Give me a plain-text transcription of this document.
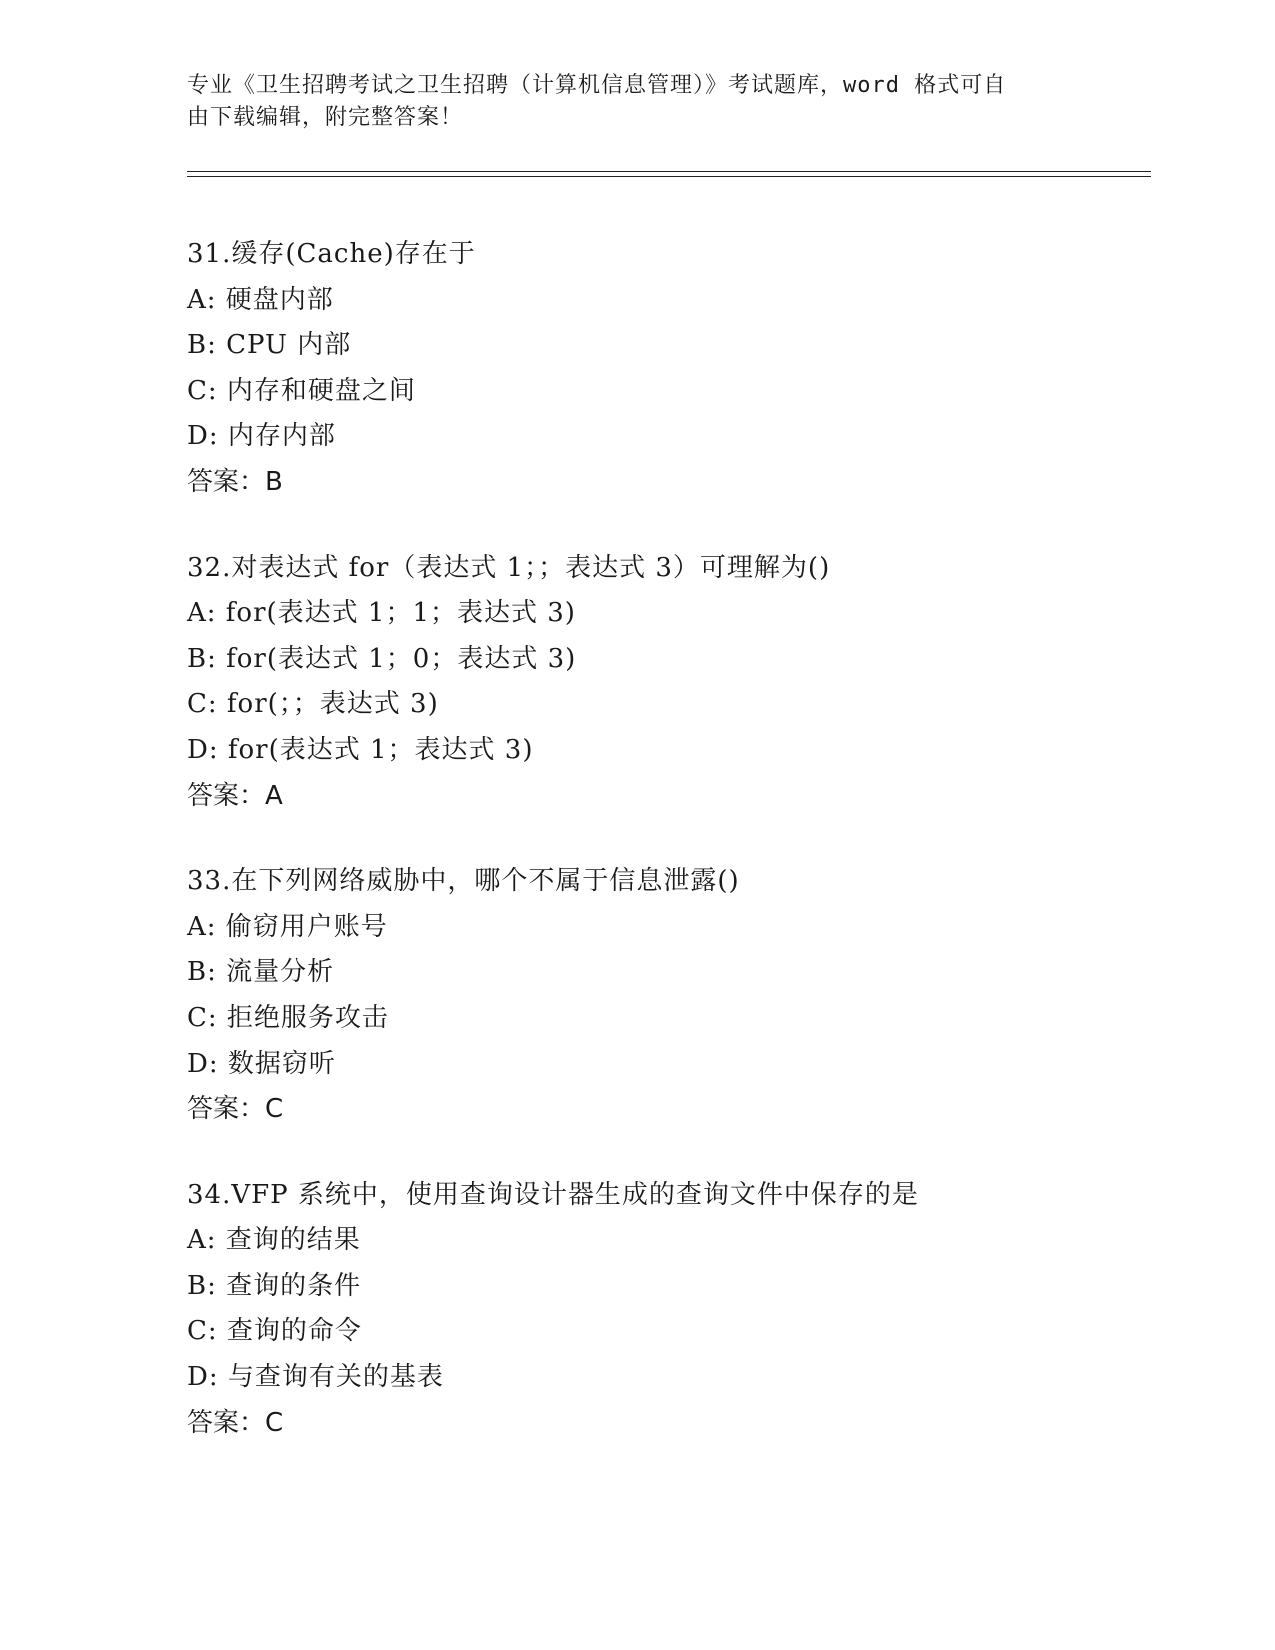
专业《卫生招聘考试之卫生招聘（计算机信息管理）》考试题库，word 格式可自
由下载编辑，附完整答案！
31.缓存(Cache)存在于
A: 硬盘内部
B: CPU 内部
C: 内存和硬盘之间
D: 内存内部
答案：B
32.对表达式 for（表达式 1；；表达式 3）可理解为()
A: for(表达式 1；1；表达式 3)
B: for(表达式 1；0；表达式 3)
C: for(；；表达式 3)
D: for(表达式 1；表达式 3)
答案：A
33.在下列网络威胁中，哪个不属于信息泄露()
A: 偷窃用户账号
B: 流量分析
C: 拒绝服务攻击
D: 数据窃听
答案：C
34.VFP 系统中，使用查询设计器生成的查询文件中保存的是
A: 查询的结果
B: 查询的条件
C: 查询的命令
D: 与查询有关的基表
答案：C
